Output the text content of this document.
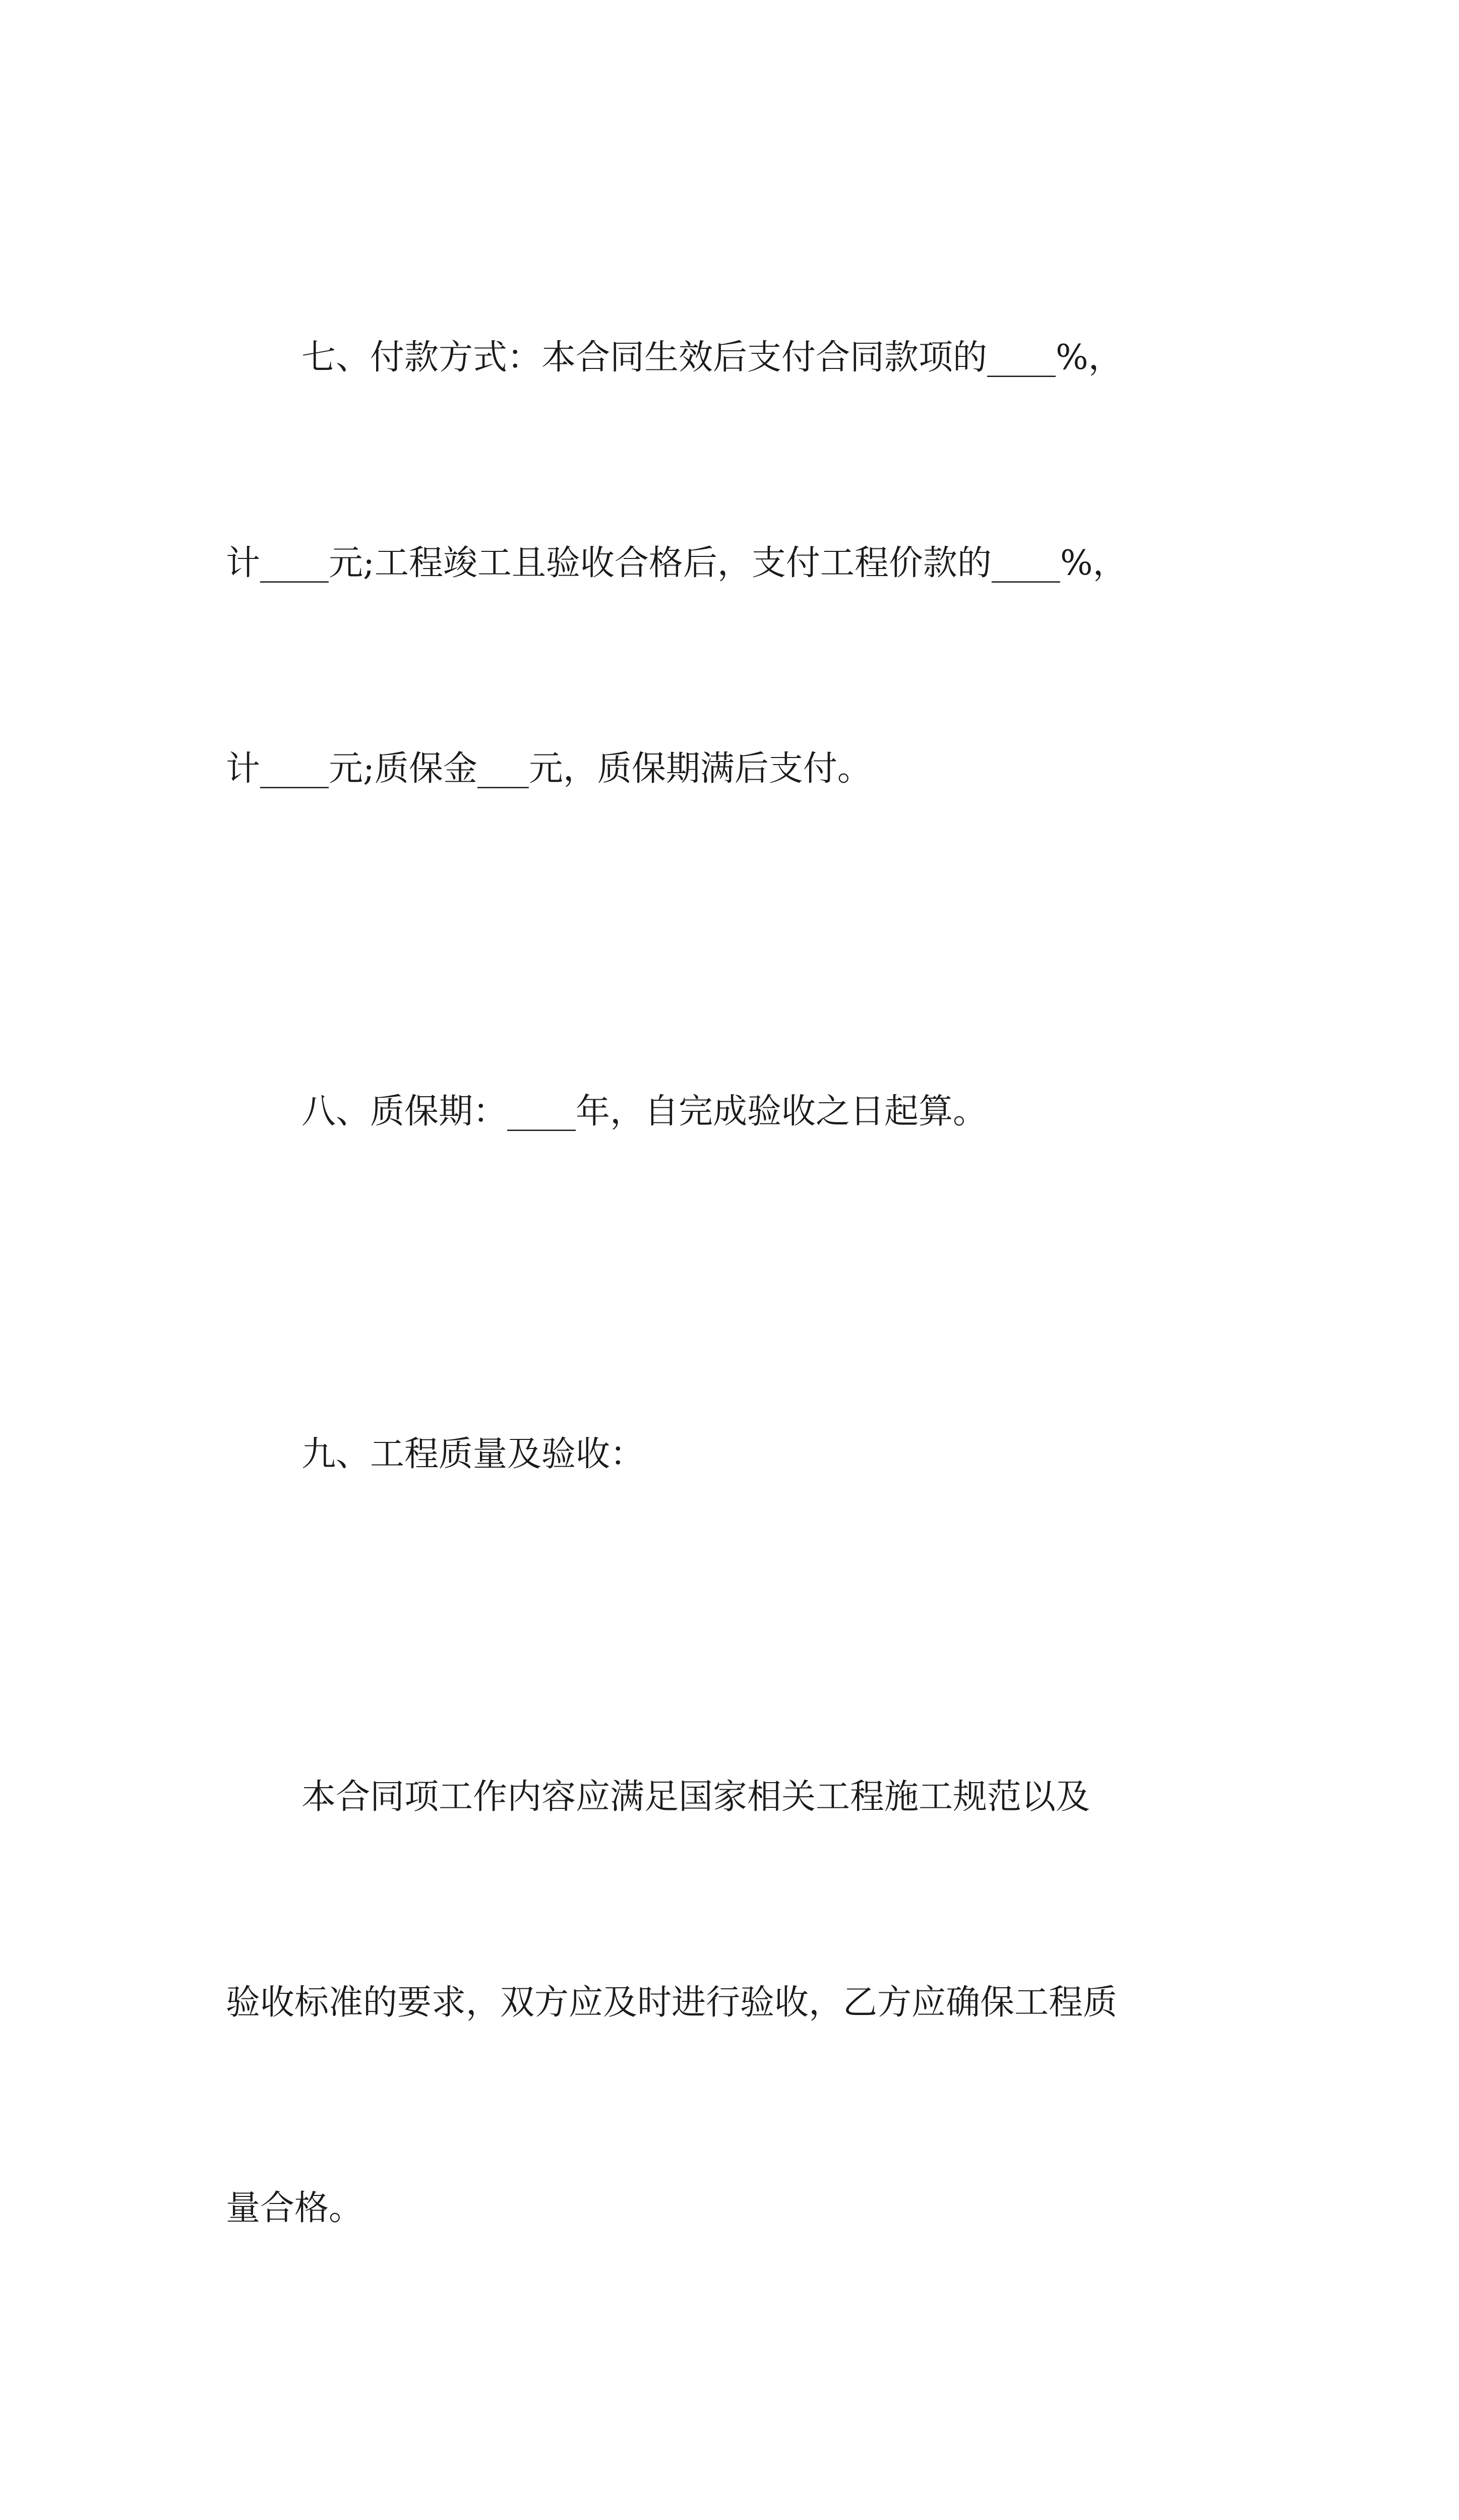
七、付款方式：本合同生效后支付合同款项的____%，

计____元;工程竣工且验收合格后，支付工程价款的____%，

计____元;质保金___元，质保期满后支付。

八、质保期：____年，自完成验收之日起算。

九、工程质量及验收：

本合同项工作内容应满足国家相关工程施工规范以及

验收标准的要求，双方应及时进行验收，乙方应确保工程质

量合格。
